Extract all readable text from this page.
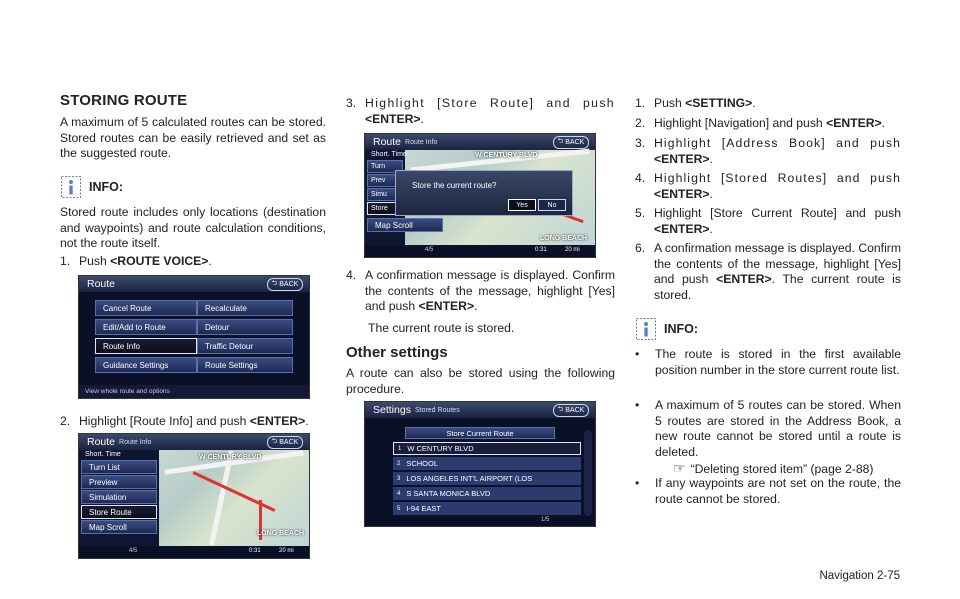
STORING ROUTE

A maximum of 5 calculated routes can be stored. Stored routes can be easily retrieved and set as the suggested route.

INFO:

Stored route includes only locations (destination and waypoints) and route calculation conditions, not the route itself.

1. Push <ROUTE VOICE>.
Route	⮌
BACK
Cancel Route	Recalculate
Edit/Add to Route	Detour
Route Info	Traffic Detour
Guidance Settings	Route Settings
View whole route and options
2. Highlight [Route Info] and push <ENTER>.
Route Route Info	⮌
BACK
W CENTURY BLVD
LONG BEACH
Short. Time
Turn List
Preview
Simulation
Store Route
Map Scroll
4/5	0:31	20 mi
3. Highlight [Store Route] and push <ENTER>.
Route Route Info	⮌
BACK
W CENTURY BLVD
LONG BEACH
Short. Time
Turn
Prev
Simu
Store
Map Scroll
Store the current route?
Yes	No
4/5	0:31	20 mi
4. A confirmation message is displayed. Confirm the contents of the message, highlight [Yes] and push <ENTER>.
The current route is stored.
Other settings

A route can also be stored using the following procedure.

Settings Stored Routes	⮌
BACK
Store Current Route
1 W CENTURY BLVD
2 SCHOOL
3 LOS ANGELES INT'L AIRPORT (LOS
4 S SANTA MONICA BLVD
5 I-94 EAST
1/5
1. Push <SETTING>.
2. Highlight [Navigation] and push <ENTER>.
3. Highlight [Address Book] and push <ENTER>.
4. Highlight [Stored Routes] and push <ENTER>.
5. Highlight [Store Current Route] and push <ENTER>.
6. A confirmation message is displayed. Confirm the contents of the message, highlight [Yes] and push <ENTER>. The current route is stored.
INFO:
• The route is stored in the first available position number in the store current route list.
• A maximum of 5 routes can be stored. When 5 routes are stored in the Address Book, a new route cannot be stored until a route is deleted.
☞ “Deleting stored item” (page 2-88)
• If any waypoints are not set on the route, the route cannot be stored.
Navigation 2-75
